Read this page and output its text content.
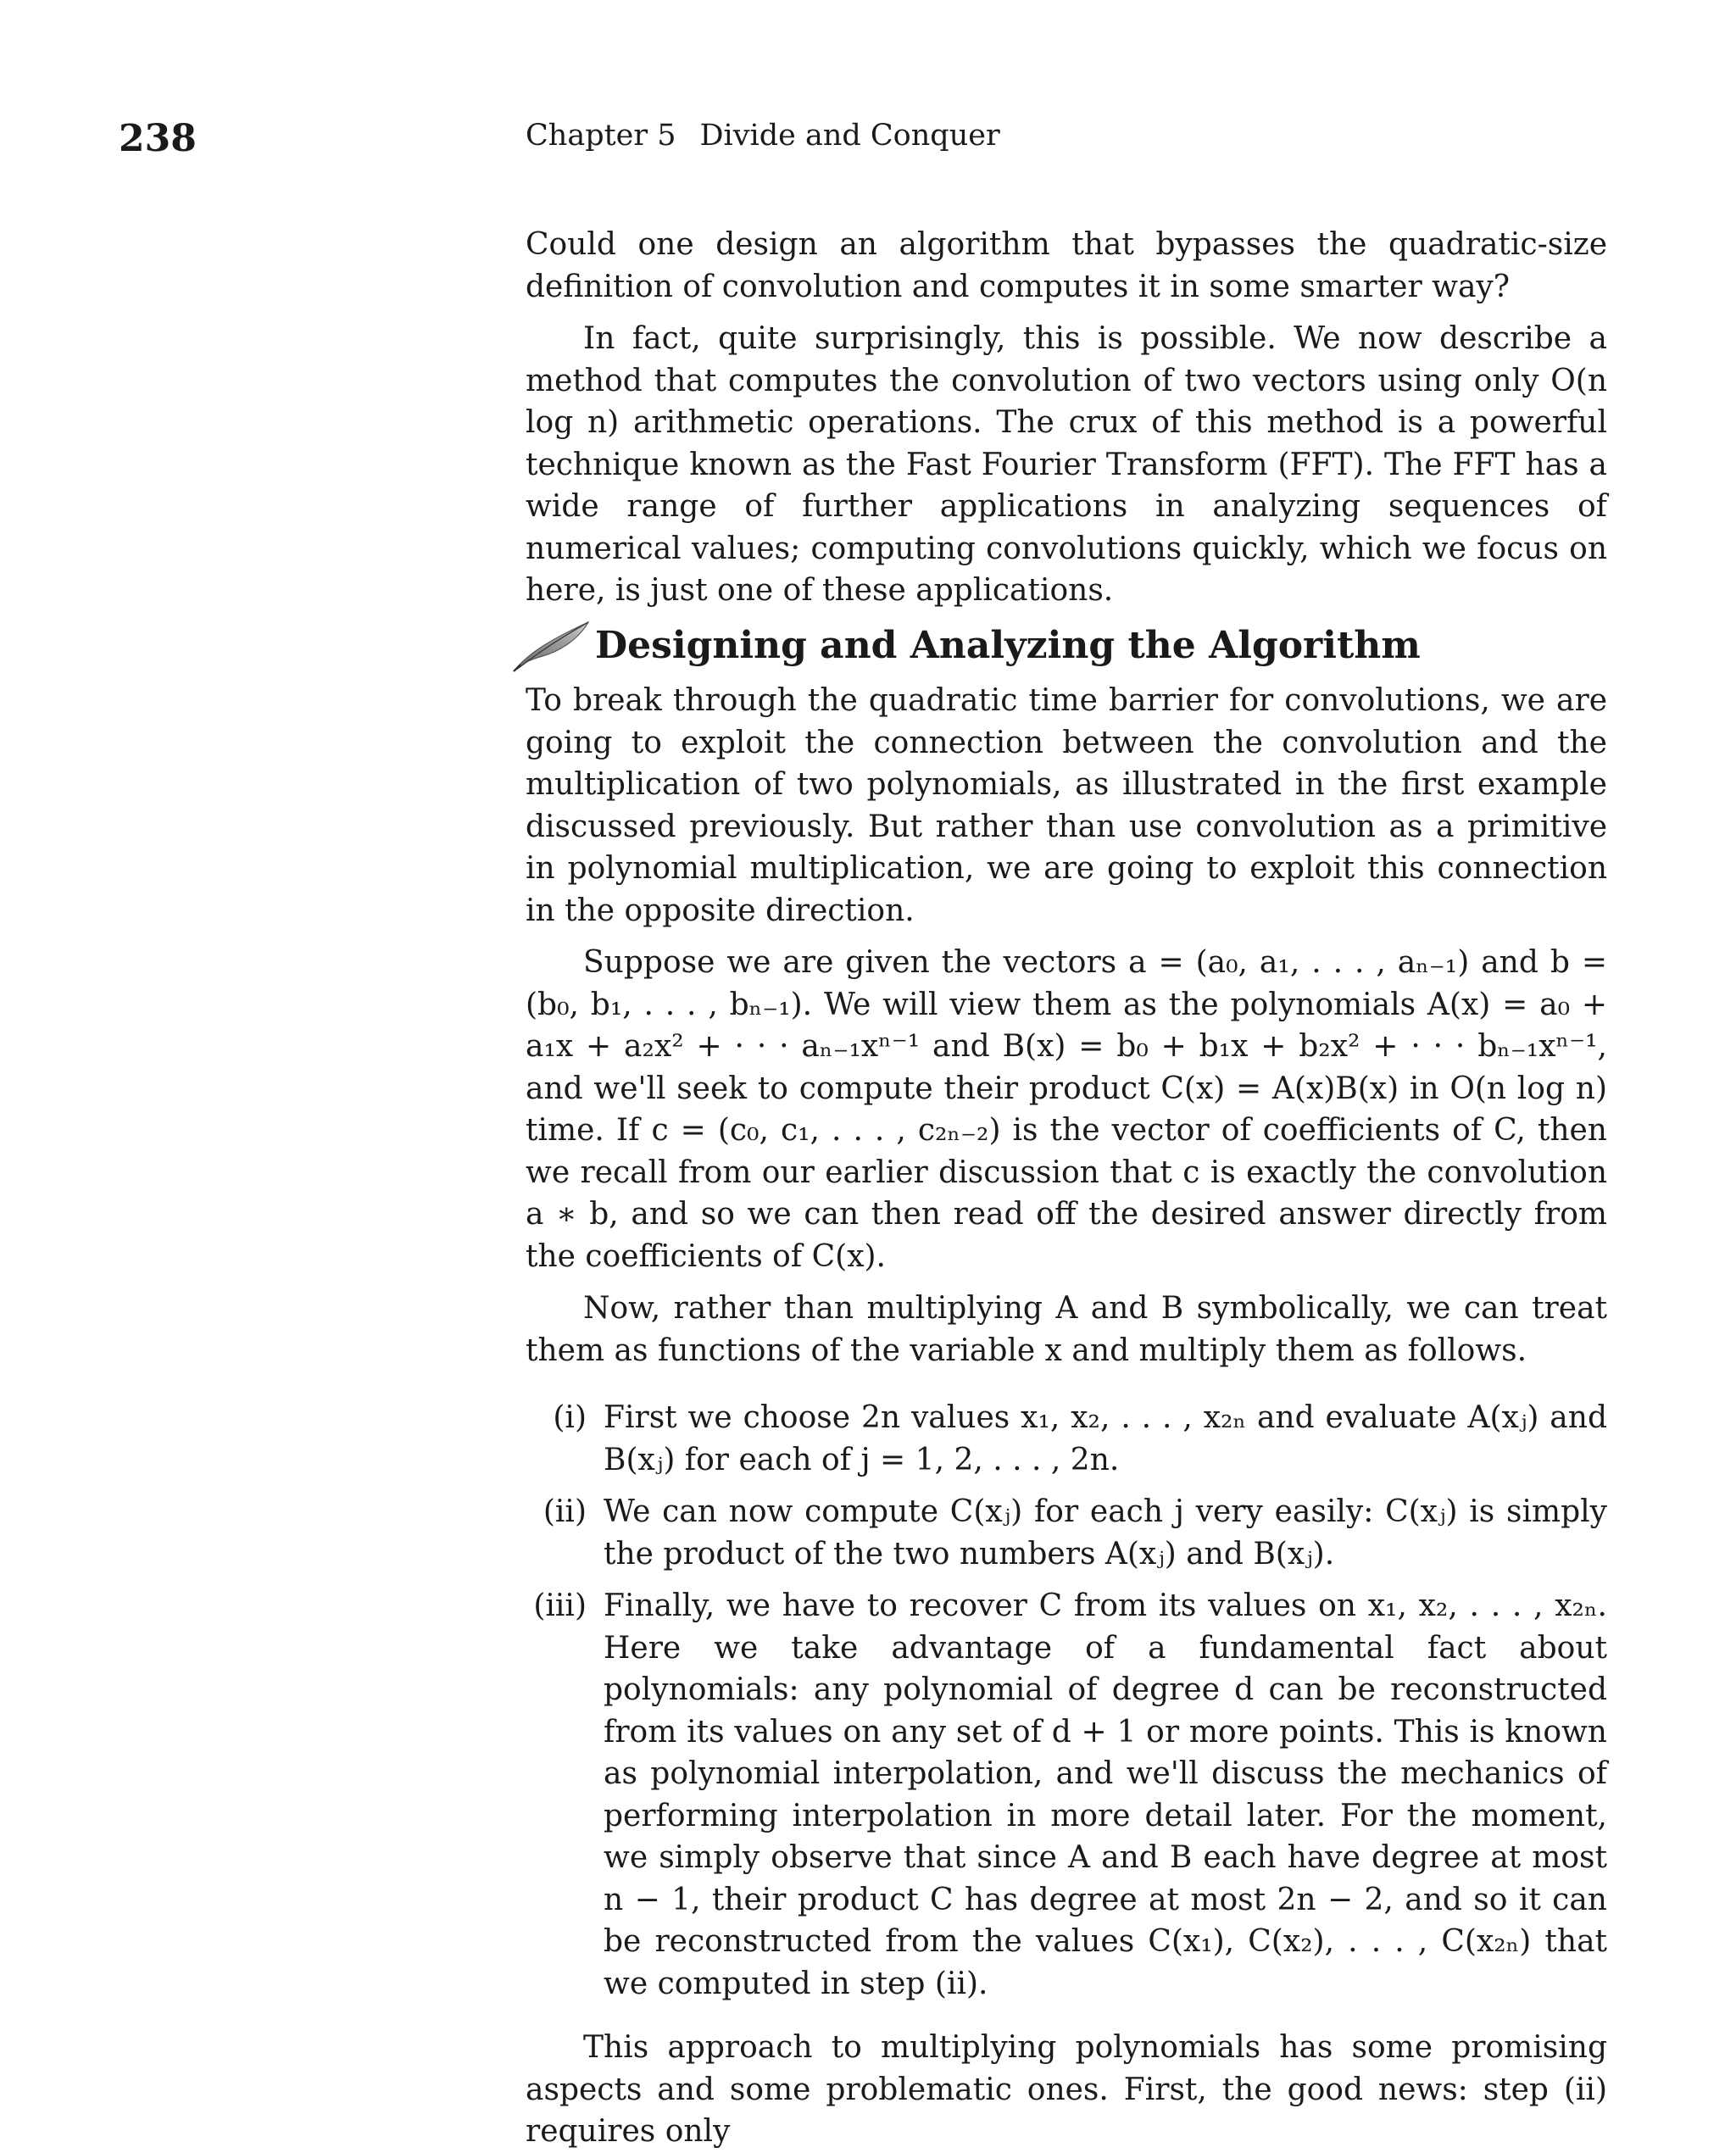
238	Chapter 5 Divide and Conquer

Could one design an algorithm that bypasses the quadratic-size definition of convolution and computes it in some smarter way?

In fact, quite surprisingly, this is possible. We now describe a method that computes the convolution of two vectors using only O(n log n) arithmetic operations. The crux of this method is a powerful technique known as the Fast Fourier Transform (FFT). The FFT has a wide range of further applications in analyzing sequences of numerical values; computing convolutions quickly, which we focus on here, is just one of these applications.

Designing and Analyzing the Algorithm

To break through the quadratic time barrier for convolutions, we are going to exploit the connection between the convolution and the multiplication of two polynomials, as illustrated in the first example discussed previously. But rather than use convolution as a primitive in polynomial multiplication, we are going to exploit this connection in the opposite direction.

Suppose we are given the vectors a = (a₀, a₁, . . . , aₙ₋₁) and b = (b₀, b₁, . . . , bₙ₋₁). We will view them as the polynomials A(x) = a₀ + a₁x + a₂x² + · · · aₙ₋₁xⁿ⁻¹ and B(x) = b₀ + b₁x + b₂x² + · · · bₙ₋₁xⁿ⁻¹, and we'll seek to compute their product C(x) = A(x)B(x) in O(n log n) time. If c = (c₀, c₁, . . . , c₂ₙ₋₂) is the vector of coefficients of C, then we recall from our earlier discussion that c is exactly the convolution a ∗ b, and so we can then read off the desired answer directly from the coefficients of C(x).

Now, rather than multiplying A and B symbolically, we can treat them as functions of the variable x and multiply them as follows.

(i) First we choose 2n values x₁, x₂, . . . , x₂ₙ and evaluate A(xⱼ) and B(xⱼ) for each of j = 1, 2, . . . , 2n.
(ii) We can now compute C(xⱼ) for each j very easily: C(xⱼ) is simply the product of the two numbers A(xⱼ) and B(xⱼ).
(iii) Finally, we have to recover C from its values on x₁, x₂, . . . , x₂ₙ. Here we take advantage of a fundamental fact about polynomials: any polynomial of degree d can be reconstructed from its values on any set of d + 1 or more points. This is known as polynomial interpolation, and we'll discuss the mechanics of performing interpolation in more detail later. For the moment, we simply observe that since A and B each have degree at most n − 1, their product C has degree at most 2n − 2, and so it can be reconstructed from the values C(x₁), C(x₂), . . . , C(x₂ₙ) that we computed in step (ii).

This approach to multiplying polynomials has some promising aspects and some problematic ones. First, the good news: step (ii) requires only
